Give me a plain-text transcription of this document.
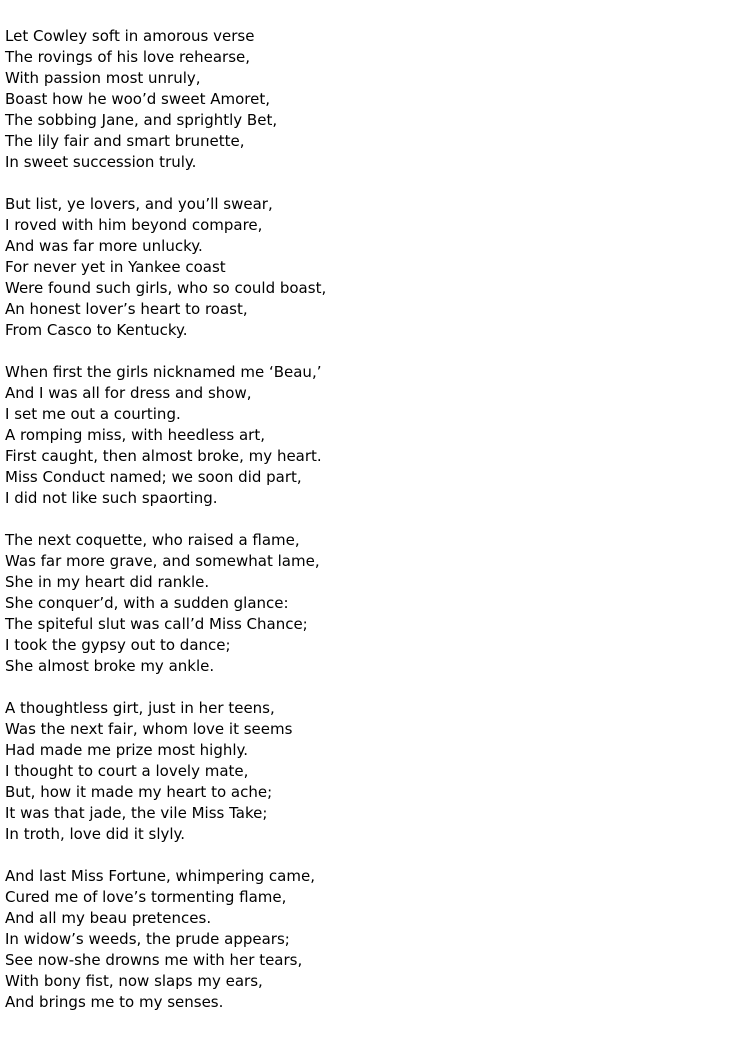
Let Cowley soft in amorous verse
The rovings of his love rehearse,
With passion most unruly,
Boast how he woo’d sweet Amoret,
The sobbing Jane, and sprightly Bet,
The lily fair and smart brunette,
In sweet succession truly.
But list, ye lovers, and you’ll swear,
I roved with him beyond compare,
And was far more unlucky.
For never yet in Yankee coast
Were found such girls, who so could boast,
An honest lover’s heart to roast,
From Casco to Kentucky.
When first the girls nicknamed me ‘Beau,’
And I was all for dress and show,
I set me out a courting.
A romping miss, with heedless art,
First caught, then almost broke, my heart.
Miss Conduct named; we soon did part,
I did not like such spaorting.
The next coquette, who raised a flame,
Was far more grave, and somewhat lame,
She in my heart did rankle.
She conquer’d, with a sudden glance:
The spiteful slut was call’d Miss Chance;
I took the gypsy out to dance;
She almost broke my ankle.
A thoughtless girt, just in her teens,
Was the next fair, whom love it seems
Had made me prize most highly.
I thought to court a lovely mate,
But, how it made my heart to ache;
It was that jade, the vile Miss Take;
In troth, love did it slyly.
And last Miss Fortune, whimpering came,
Cured me of love’s tormenting flame,
And all my beau pretences.
In widow’s weeds, the prude appears;
See now-she drowns me with her tears,
With bony fist, now slaps my ears,
And brings me to my senses.
